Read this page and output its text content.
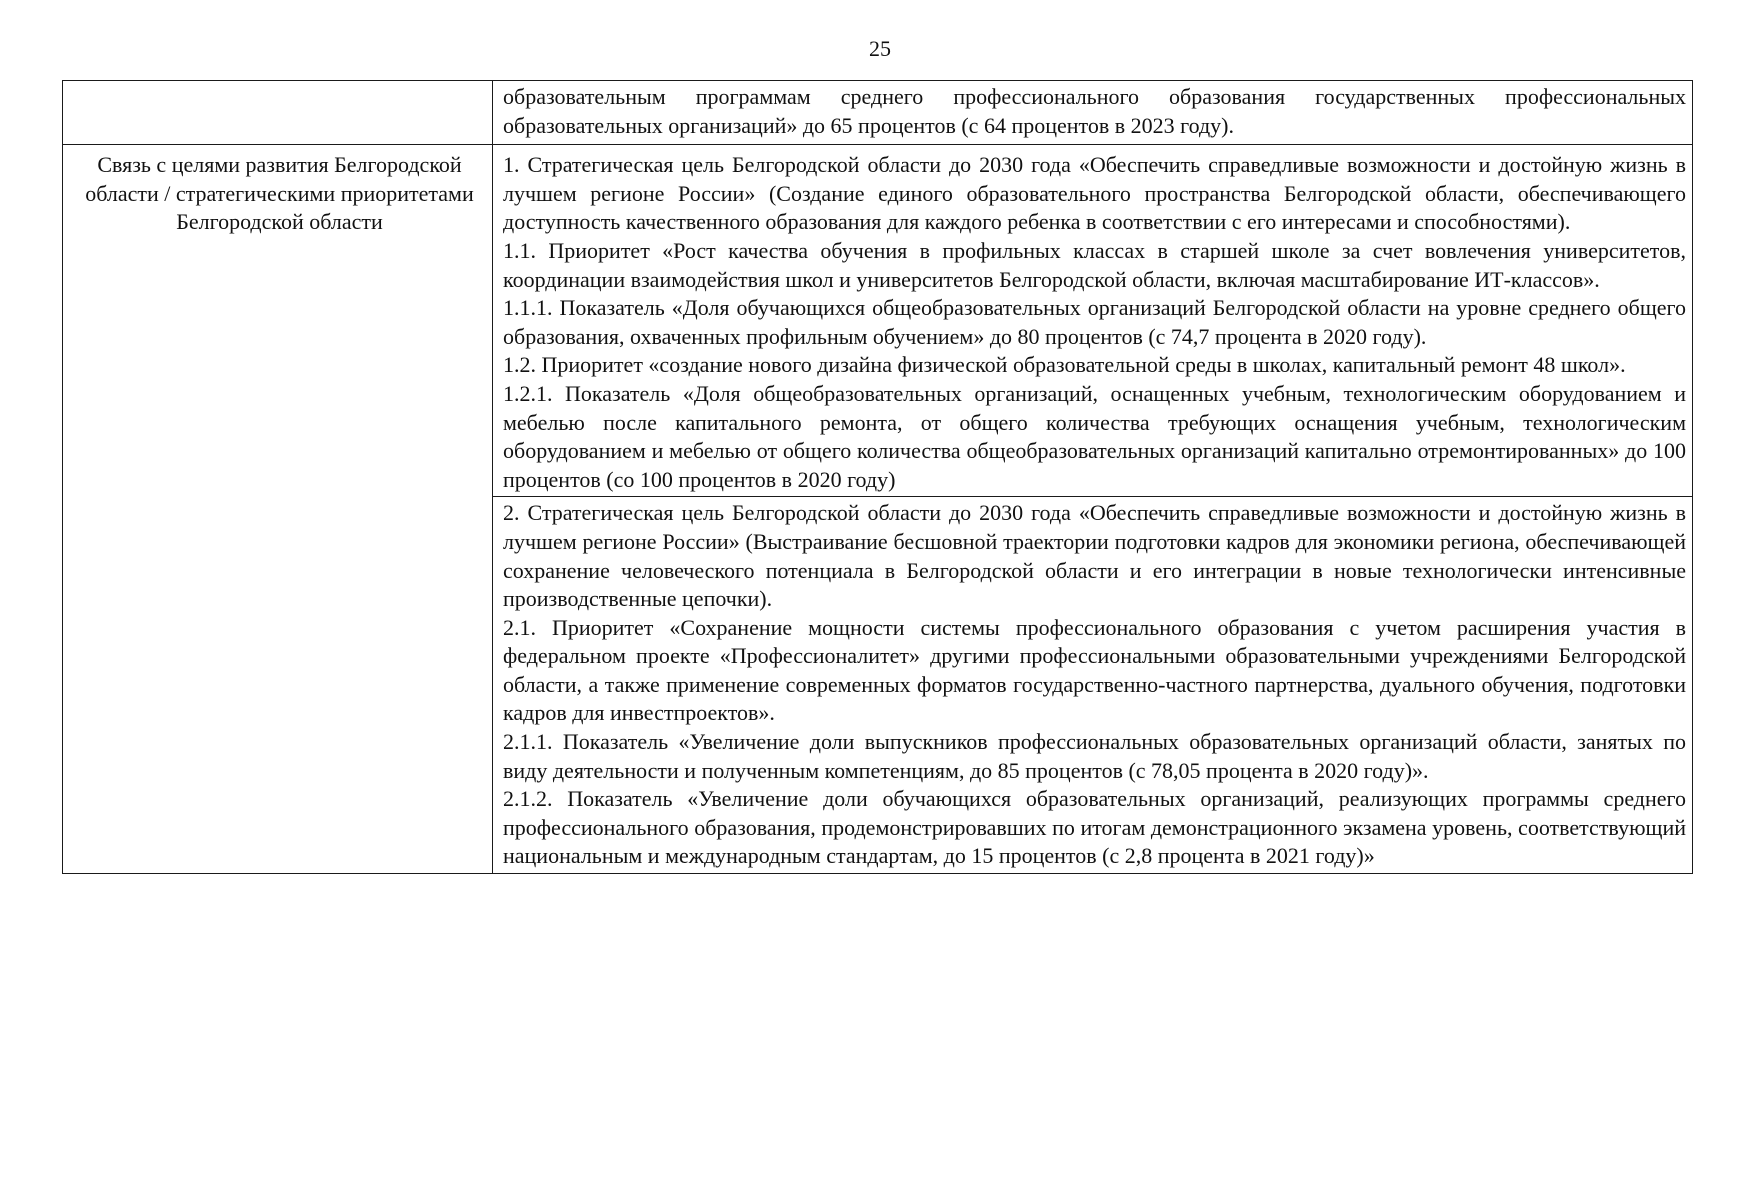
25
	образовательным программам среднего профессионального образования государственных профессиональных образовательных организаций» до 65 процентов (с 64 процентов в 2023 году).
Связь с целями развития Белгородской области / стратегическими приоритетами Белгородской области	1. Стратегическая цель Белгородской области до 2030 года «Обеспечить справедливые возможности и достойную жизнь в лучшем регионе России» (Создание единого образовательного пространства Белгородской области, обеспечивающего доступность качественного образования для каждого ребенка в соответствии с его интересами и способностями).

1.1. Приоритет «Рост качества обучения в профильных классах в старшей школе за счет вовлечения университетов, координации взаимодействия школ и университетов Белгородской области, включая масштабирование ИТ-классов».

1.1.1. Показатель «Доля обучающихся общеобразовательных организаций Белгородской области на уровне среднего общего образования, охваченных профильным обучением» до 80 процентов (с 74,7 процента в 2020 году).

1.2. Приоритет «создание нового дизайна физической образовательной среды в школах, капитальный ремонт 48 школ».

1.2.1. Показатель «Доля общеобразовательных организаций, оснащенных учебным, технологическим оборудованием и мебелью после капитального ремонта, от общего количества требующих оснащения учебным, технологическим оборудованием и мебелью от общего количества общеобразовательных организаций капитально отремонтированных» до 100 процентов (со 100 процентов в 2020 году)

	2. Стратегическая цель Белгородской области до 2030 года «Обеспечить справедливые возможности и достойную жизнь в лучшем регионе России» (Выстраивание бесшовной траектории подготовки кадров для экономики региона, обеспечивающей сохранение человеческого потенциала в Белгородской области и его интеграции в новые технологически интенсивные производственные цепочки).

2.1. Приоритет «Сохранение мощности системы профессионального образования с учетом расширения участия в федеральном проекте «Профессионалитет» другими профессиональными образовательными учреждениями Белгородской области, а также применение современных форматов государственно-частного партнерства, дуального обучения, подготовки кадров для инвестпроектов».

2.1.1. Показатель «Увеличение доли выпускников профессиональных образовательных организаций области, занятых по виду деятельности и полученным компетенциям, до 85 процентов (с 78,05 процента в 2020 году)».

2.1.2. Показатель «Увеличение доли обучающихся образовательных организаций, реализующих программы среднего профессионального образования, продемонстрировавших по итогам демонстрационного экзамена уровень, соответствующий национальным и международным стандартам, до 15 процентов (с 2,8 процента в 2021 году)»
